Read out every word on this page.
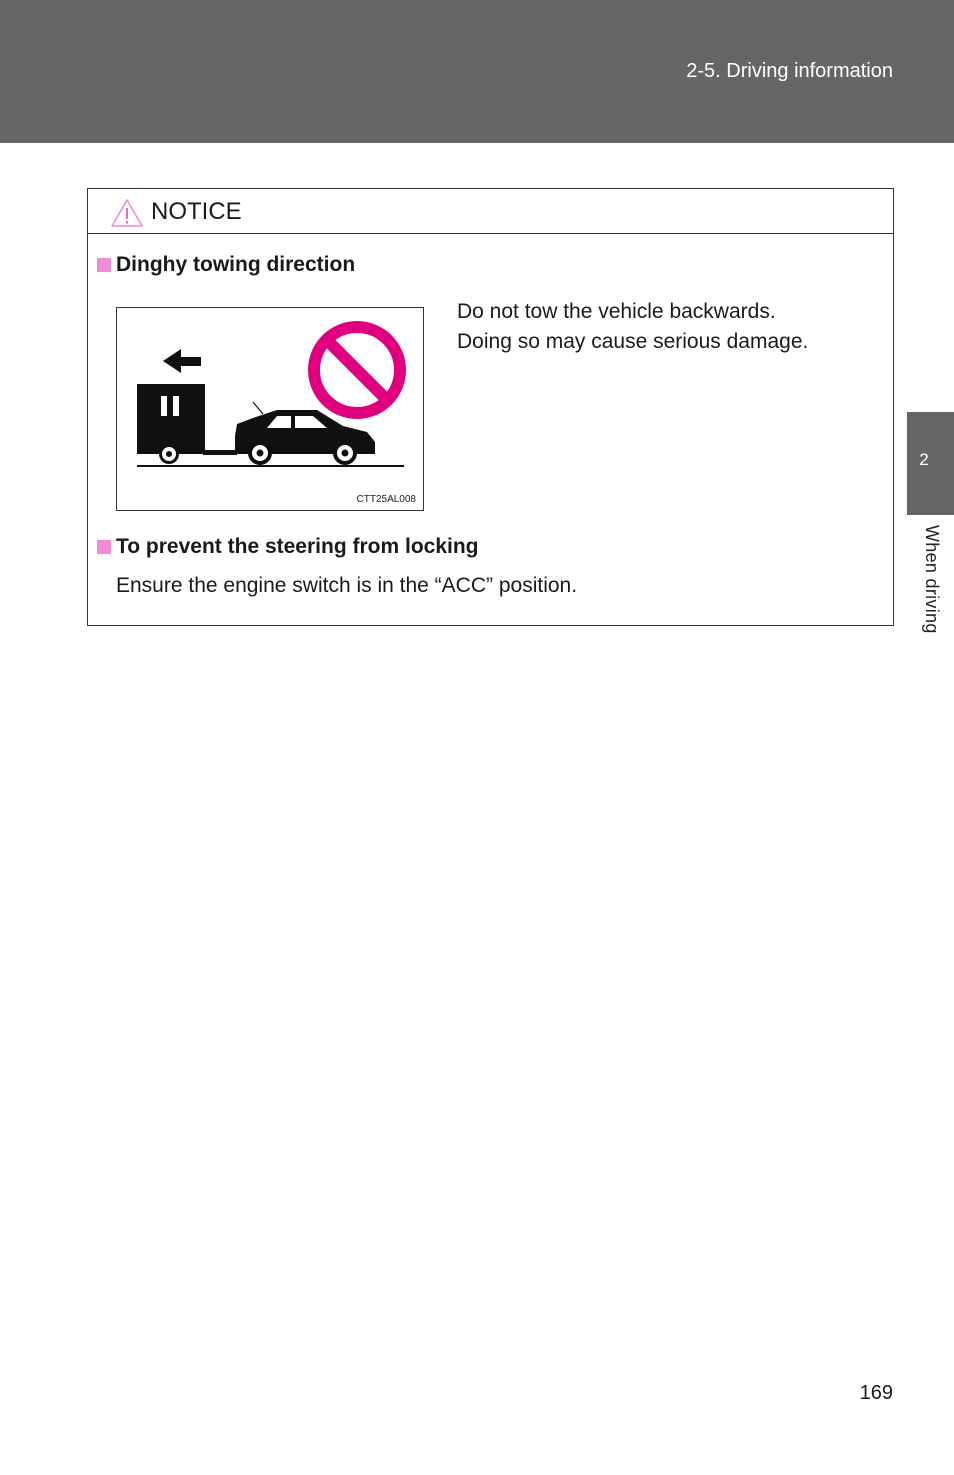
2-5. Driving information
2
When driving
NOTICE
Dinghy towing direction
CTT25AL008
Do not tow the vehicle backwards.
Doing so may cause serious damage.
To prevent the steering from locking
Ensure the engine switch is in the “ACC” position.
169
